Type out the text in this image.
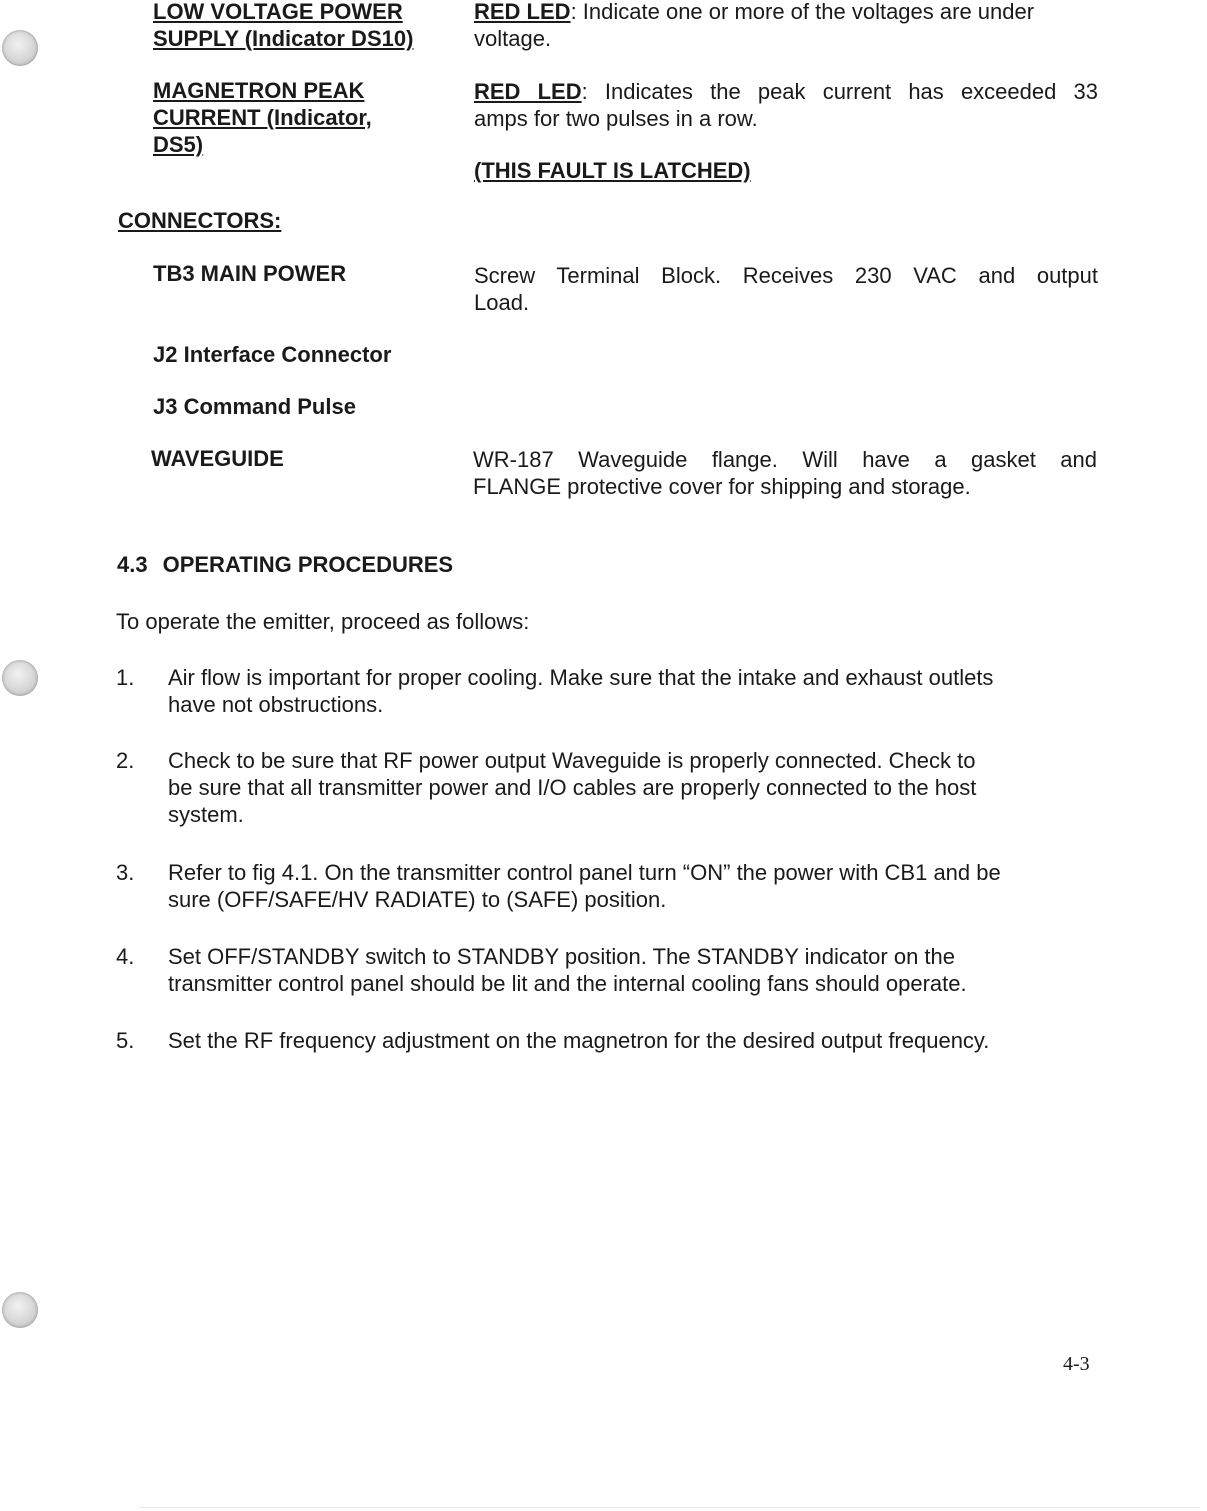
LOW VOLTAGE POWER
SUPPLY (Indicator DS10)
RED LED: Indicate one or more of the voltages are under
voltage.
MAGNETRON PEAK
CURRENT (Indicator,
DS5)
RED LED: Indicates the peak current has exceeded 33
amps for two pulses in a row.
(THIS FAULT IS LATCHED)
CONNECTORS:
TB3 MAIN POWER	Screw Terminal Block. Receives 230 VAC and output
Load.
J2 Interface Connector
J3 Command Pulse
WAVEGUIDE	WR-187 Waveguide flange. Will have a gasket and
FLANGE protective cover for shipping and storage.
4.3 OPERATING PROCEDURES
To operate the emitter, proceed as follows:
1. Air flow is important for proper cooling. Make sure that the intake and exhaust outlets
have not obstructions.
2. Check to be sure that RF power output Waveguide is properly connected. Check to
be sure that all transmitter power and I/O cables are properly connected to the host
system.
3. Refer to fig 4.1. On the transmitter control panel turn “ON” the power with CB1 and be
sure (OFF/SAFE/HV RADIATE) to (SAFE) position.
4. Set OFF/STANDBY switch to STANDBY position. The STANDBY indicator on the
transmitter control panel should be lit and the internal cooling fans should operate.
5. Set the RF frequency adjustment on the magnetron for the desired output frequency.
4-3
